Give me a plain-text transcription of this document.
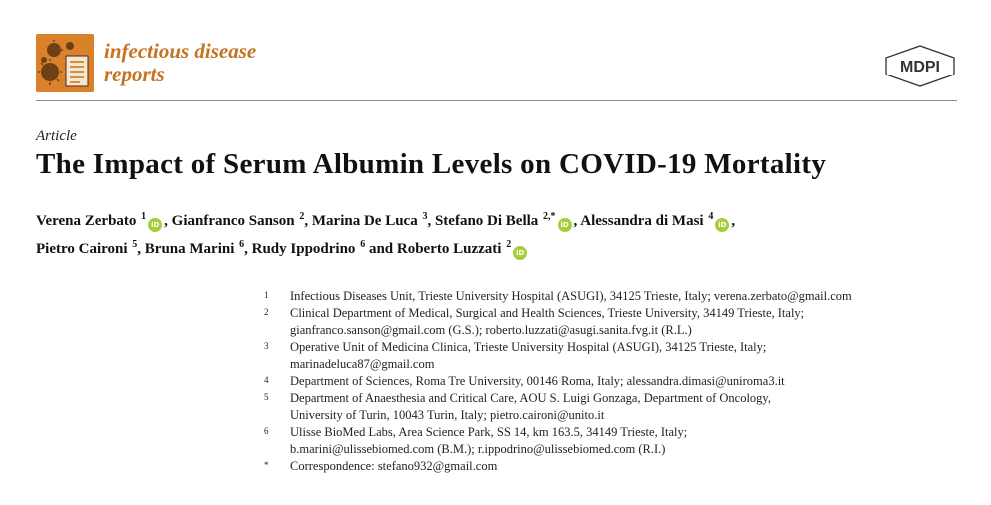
infectious disease
reports	MDPI
Article
The Impact of Serum Albumin Levels on COVID-19 Mortality
Verena Zerbato $^1$iD , Gianfranco Sanson $^2$, Marina De Luca $^3$, Stefano Di Bella $^{2,*}$iD , Alessandra di Masi $^4$iD ,
Pietro Caironi $^5$, Bruna Marini $^6$, Rudy Ippodrino $^6$ and Roberto Luzzati $^2$iD
1	Infectious Diseases Unit, Trieste University Hospital (ASUGI), 34125 Trieste, Italy; verena.zerbato@gmail.com
2	Clinical Department of Medical, Surgical and Health Sciences, Trieste University, 34149 Trieste, Italy;
gianfranco.sanson@gmail.com (G.S.); roberto.luzzati@asugi.sanita.fvg.it (R.L.)
3	Operative Unit of Medicina Clinica, Trieste University Hospital (ASUGI), 34125 Trieste, Italy;
marinadeluca87@gmail.com
4	Department of Sciences, Roma Tre University, 00146 Roma, Italy; alessandra.dimasi@uniroma3.it
5	Department of Anaesthesia and Critical Care, AOU S. Luigi Gonzaga, Department of Oncology,
University of Turin, 10043 Turin, Italy; pietro.caironi@unito.it
6	Ulisse BioMed Labs, Area Science Park, SS 14, km 163.5, 34149 Trieste, Italy;
b.marini@ulissebiomed.com (B.M.); r.ippodrino@ulissebiomed.com (R.I.)
*	Correspondence: stefano932@gmail.com
